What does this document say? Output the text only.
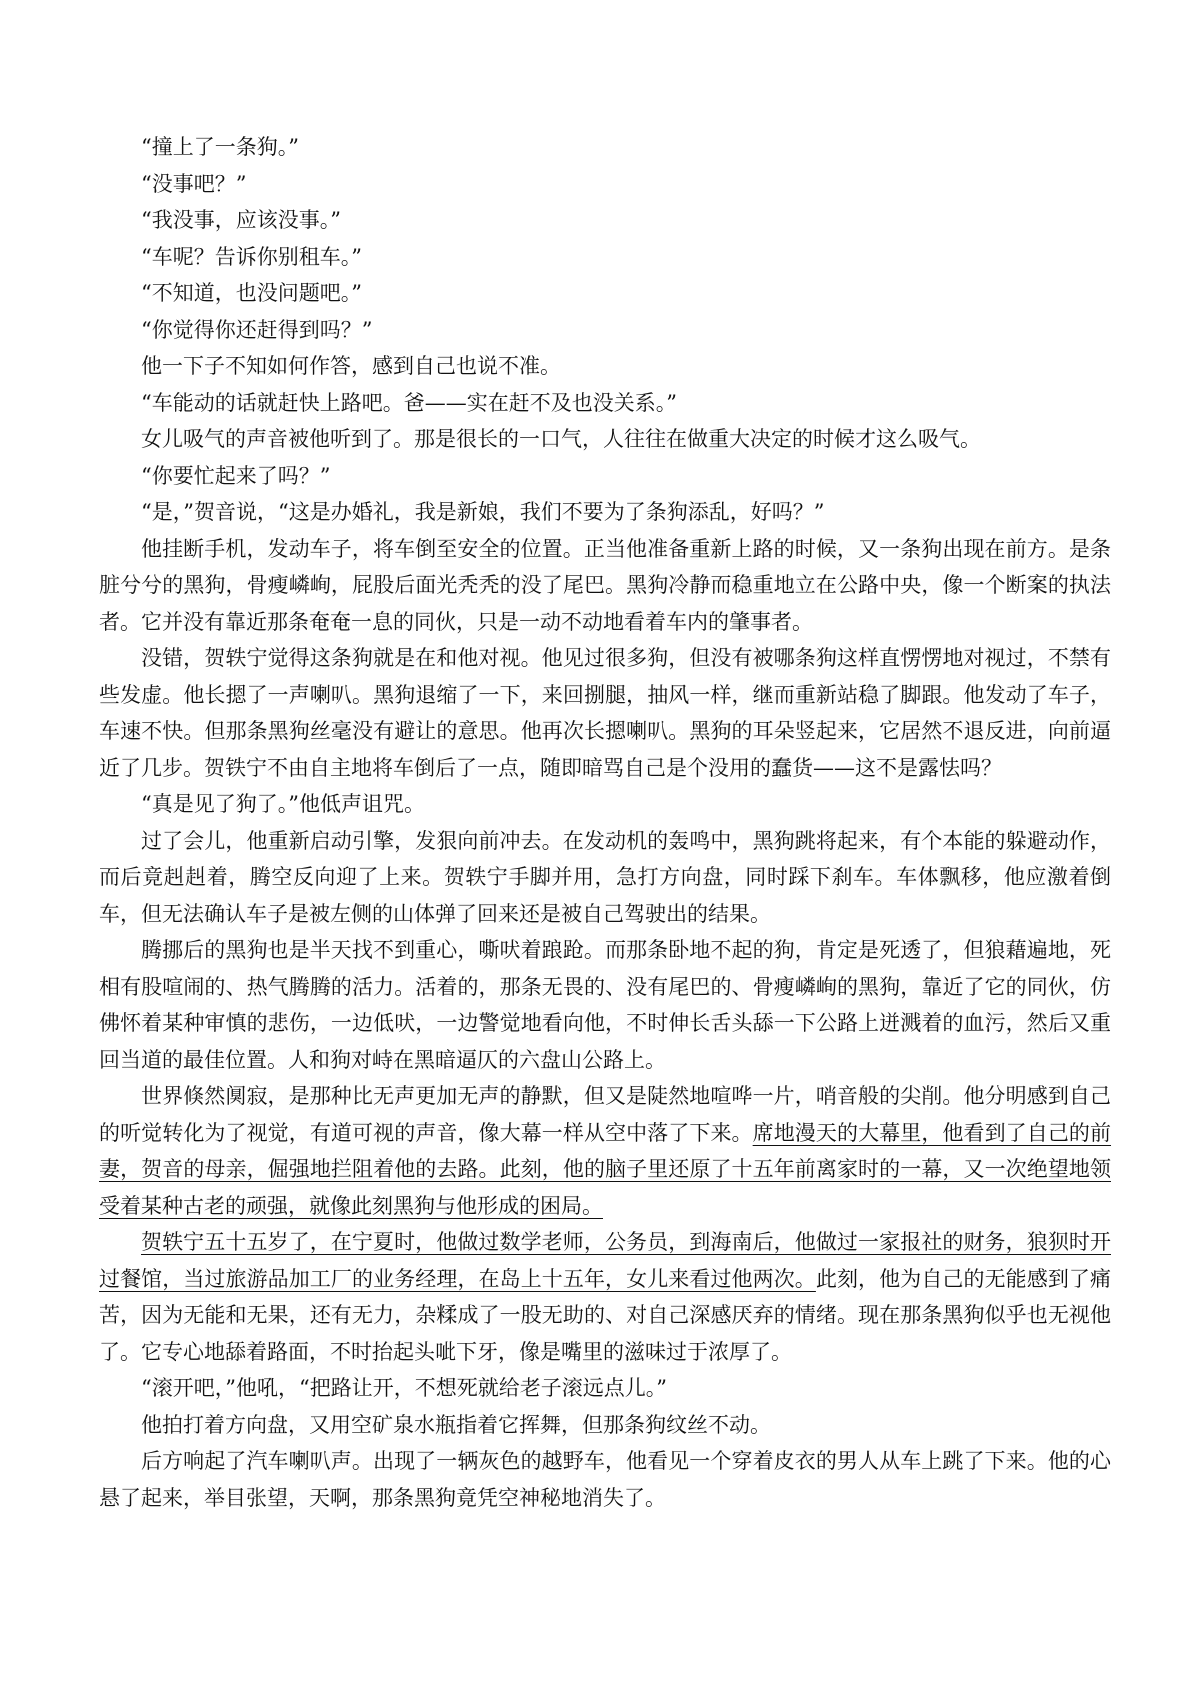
“撞上了一条狗。”

“没事吧？”

“我没事，应该没事。”

“车呢？告诉你别租车。”

“不知道，也没问题吧。”

“你觉得你还赶得到吗？”

他一下子不知如何作答，感到自己也说不准。

“车能动的话就赶快上路吧。爸——实在赶不及也没关系。”

女儿吸气的声音被他听到了。那是很长的一口气，人往往在做重大决定的时候才这么吸气。

“你要忙起来了吗？”

“是，”贺音说，“这是办婚礼，我是新娘，我们不要为了条狗添乱，好吗？”

他挂断手机，发动车子，将车倒至安全的位置。正当他准备重新上路的时候，又一条狗出现在前方。是条脏兮兮的黑狗，骨瘦嶙峋，屁股后面光秃秃的没了尾巴。黑狗冷静而稳重地立在公路中央，像一个断案的执法者。它并没有靠近那条奄奄一息的同伙，只是一动不动地看着车内的肇事者。

没错，贺轶宁觉得这条狗就是在和他对视。他见过很多狗，但没有被哪条狗这样直愣愣地对视过，不禁有些发虚。他长摁了一声喇叭。黑狗退缩了一下，来回捌腿，抽风一样，继而重新站稳了脚跟。他发动了车子，车速不快。但那条黑狗丝毫没有避让的意思。他再次长摁喇叭。黑狗的耳朵竖起来，它居然不退反进，向前逼近了几步。贺铁宁不由自主地将车倒后了一点，随即暗骂自己是个没用的蠢货——这不是露怯吗？

“真是见了狗了。”他低声诅咒。

过了会儿，他重新启动引擎，发狠向前冲去。在发动机的轰鸣中，黑狗跳将起来，有个本能的躲避动作，而后竟赳赳着，腾空反向迎了上来。贺轶宁手脚并用，急打方向盘，同时踩下刹车。车体飘移，他应激着倒车，但无法确认车子是被左侧的山体弹了回来还是被自己驾驶出的结果。

腾挪后的黑狗也是半天找不到重心，嘶吠着踉跄。而那条卧地不起的狗，肯定是死透了，但狼藉遍地，死相有股喧闹的、热气腾腾的活力。活着的，那条无畏的、没有尾巴的、骨瘦嶙峋的黑狗，靠近了它的同伙，仿佛怀着某种审慎的悲伤，一边低吠，一边警觉地看向他，不时伸长舌头舔一下公路上迸溅着的血污，然后又重回当道的最佳位置。人和狗对峙在黑暗逼仄的六盘山公路上。

世界倏然阒寂，是那种比无声更加无声的静默，但又是陡然地喧哗一片，哨音般的尖削。他分明感到自己的听觉转化为了视觉，有道可视的声音，像大幕一样从空中落了下来。席地漫天的大幕里，他看到了自己的前妻，贺音的母亲，倔强地拦阻着他的去路。此刻，他的脑子里还原了十五年前离家时的一幕，又一次绝望地领受着某种古老的顽强，就像此刻黑狗与他形成的困局。

贺轶宁五十五岁了，在宁夏时，他做过数学老师，公务员，到海南后，他做过一家报社的财务，狼狈时开过餐馆，当过旅游品加工厂的业务经理，在岛上十五年，女儿来看过他两次。此刻，他为自己的无能感到了痛苦，因为无能和无果，还有无力，杂糅成了一股无助的、对自己深感厌弃的情绪。现在那条黑狗似乎也无视他了。它专心地舔着路面，不时抬起头呲下牙，像是嘴里的滋味过于浓厚了。

“滚开吧，”他吼，“把路让开，不想死就给老子滚远点儿。”

他拍打着方向盘，又用空矿泉水瓶指着它挥舞，但那条狗纹丝不动。

后方响起了汽车喇叭声。出现了一辆灰色的越野车，他看见一个穿着皮衣的男人从车上跳了下来。他的心悬了起来，举目张望，天啊，那条黑狗竟凭空神秘地消失了。
